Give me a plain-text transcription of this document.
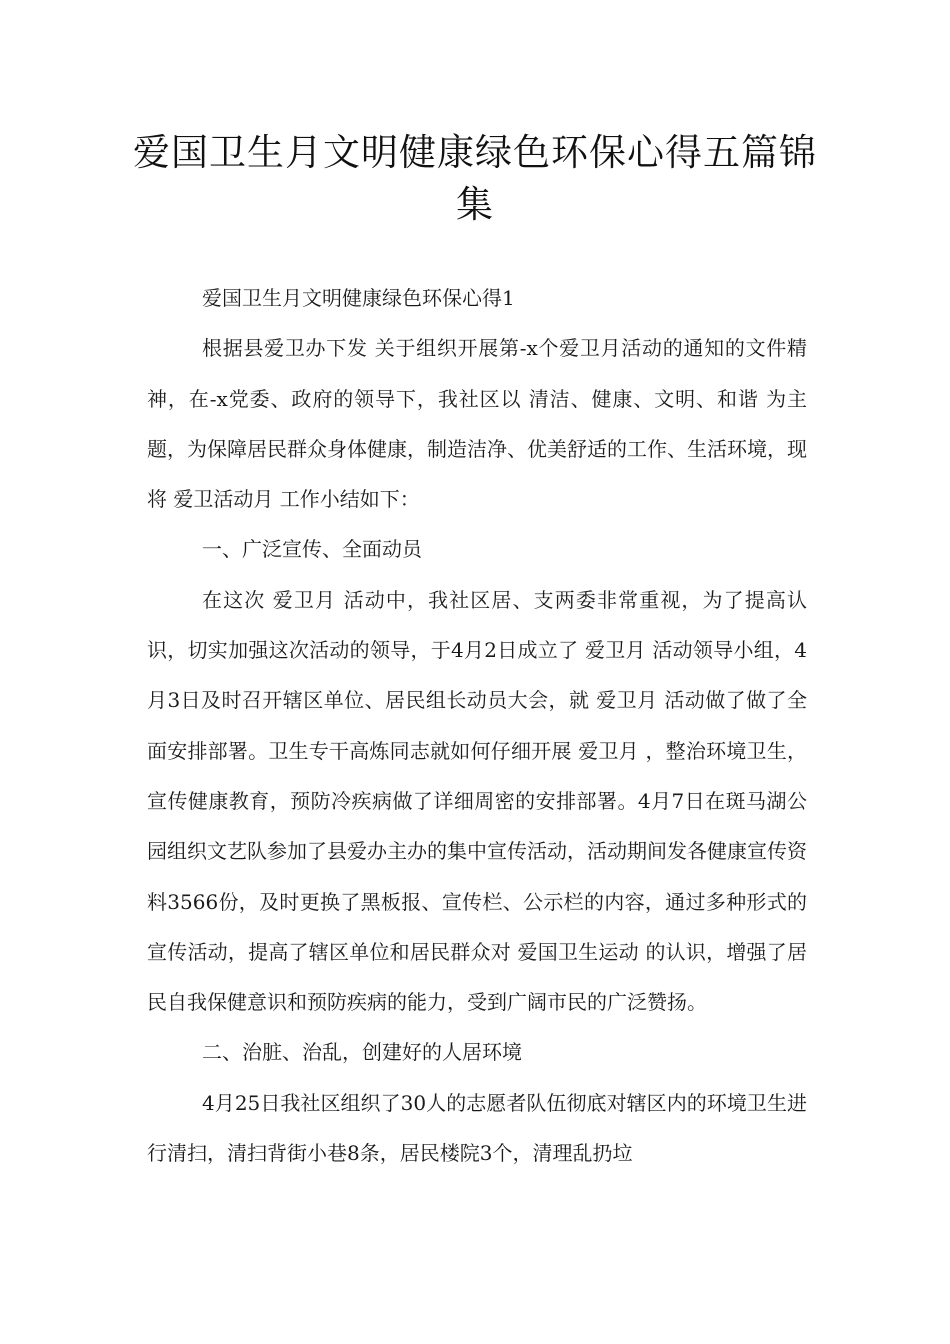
爱国卫生月文明健康绿色环保心得五篇锦集

爱国卫生月文明健康绿色环保心得1

根据县爱卫办下发 关于组织开展第-x个爱卫月活动的通知的文件精神，在-x党委、政府的领导下，我社区以 清洁、健康、文明、和谐 为主题，为保障居民群众身体健康，制造洁净、优美舒适的工作、生活环境，现将 爱卫活动月 工作小结如下：

一、广泛宣传、全面动员

在这次 爱卫月 活动中，我社区居、支两委非常重视，为了提高认识，切实加强这次活动的领导，于4月2日成立了 爱卫月 活动领导小组，4月3日及时召开辖区单位、居民组长动员大会，就 爱卫月 活动做了做了全面安排部署。卫生专干高炼同志就如何仔细开展 爱卫月 ，整治环境卫生，宣传健康教育，预防冷疾病做了详细周密的安排部署。4月7日在斑马湖公园组织文艺队参加了县爱办主办的集中宣传活动，活动期间发各健康宣传资料3566份，及时更换了黑板报、宣传栏、公示栏的内容，通过多种形式的宣传活动，提高了辖区单位和居民群众对 爱国卫生运动 的认识，增强了居民自我保健意识和预防疾病的能力，受到广阔市民的广泛赞扬。

二、治脏、治乱，创建好的人居环境

4月25日我社区组织了30人的志愿者队伍彻底对辖区内的环境卫生进行清扫，清扫背街小巷8条，居民楼院3个，清理乱扔垃
